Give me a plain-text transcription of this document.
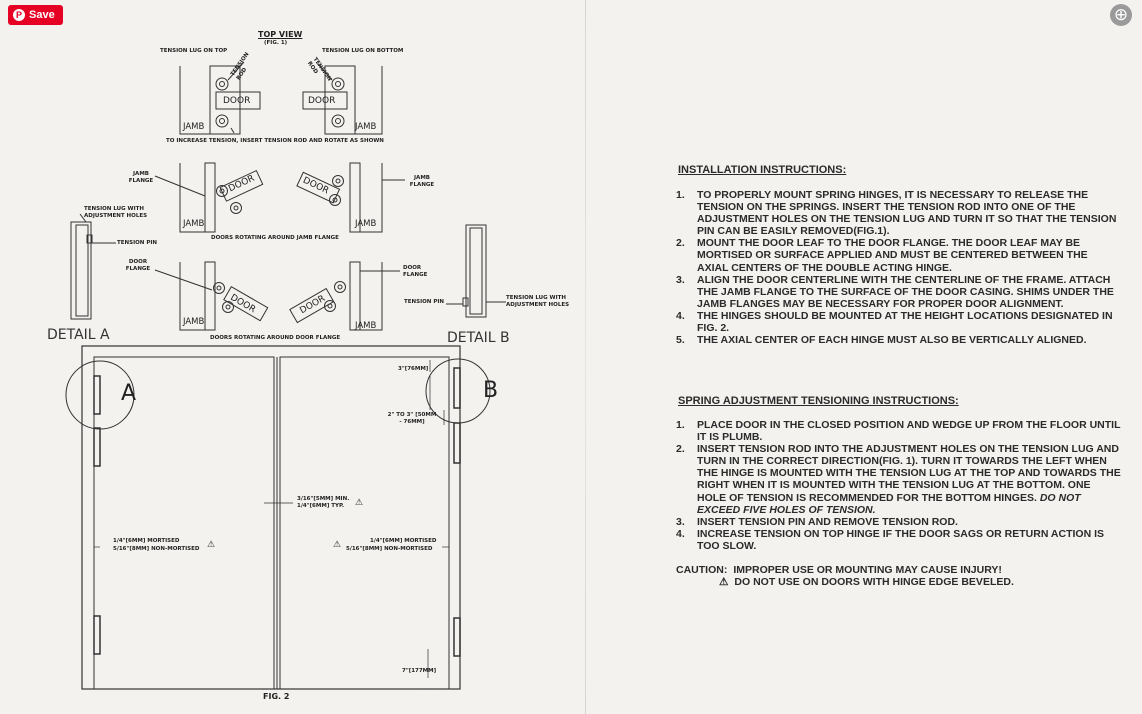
P Save	⊕
TOP VIEW
(FIG. 1)
TENSION LUG ON TOP	TENSION LUG ON BOTTOM
TENSION ROD	TENSION ROD
DOOR	DOOR
JAMB	JAMB
TO INCREASE TENSION, INSERT TENSION ROD AND ROTATE AS SHOWN
JAMB FLANGE	JAMB FLANGE
DOOR	DOOR
JAMB	JAMB
DOORS ROTATING AROUND JAMB FLANGE
TENSION LUG WITH ADJUSTMENT HOLES
TENSION PIN
DOOR FLANGE	DOOR FLANGE
DOOR	DOOR
JAMB	JAMB
DOORS ROTATING AROUND DOOR FLANGE
TENSION PIN
TENSION LUG WITH ADJUSTMENT HOLES
DETAIL A	DETAIL B
A	B
3"[76MM]
2" TO 3" [50MM - 76MM]
3/16"[5MM] MIN. 1/4"[6MM] TYP.	⚠
1/4"[6MM] MORTISED
5/16"[8MM] NON-MORTISED ⚠	1/4"[6MM] MORTISED
5/16"[8MM] NON-MORTISED
⚠
7"[177MM]
FIG. 2
INSTALLATION INSTRUCTIONS:
1.	TO PROPERLY MOUNT SPRING HINGES, IT IS NECESSARY TO RELEASE THE TENSION ON THE SPRINGS. INSERT THE TENSION ROD INTO ONE OF THE ADJUSTMENT HOLES ON THE TENSION LUG AND TURN IT SO THAT THE TENSION PIN CAN BE EASILY REMOVED(FIG.1).
2.	MOUNT THE DOOR LEAF TO THE DOOR FLANGE. THE DOOR LEAF MAY BE MORTISED OR SURFACE APPLIED AND MUST BE CENTERED BETWEEN THE AXIAL CENTERS OF THE DOUBLE ACTING HINGE.
3.	ALIGN THE DOOR CENTERLINE WITH THE CENTERLINE OF THE FRAME. ATTACH THE JAMB FLANGE TO THE SURFACE OF THE DOOR CASING. SHIMS UNDER THE JAMB FLANGES MAY BE NECESSARY FOR PROPER DOOR ALIGNMENT.
4.	THE HINGES SHOULD BE MOUNTED AT THE HEIGHT LOCATIONS DESIGNATED IN FIG. 2.
5.	THE AXIAL CENTER OF EACH HINGE MUST ALSO BE VERTICALLY ALIGNED.
SPRING ADJUSTMENT TENSIONING INSTRUCTIONS:
1.	PLACE DOOR IN THE CLOSED POSITION AND WEDGE UP FROM THE FLOOR UNTIL IT IS PLUMB.
2.	INSERT TENSION ROD INTO THE ADJUSTMENT HOLES ON THE TENSION LUG AND TURN IN THE CORRECT DIRECTION(FIG. 1). TURN IT TOWARDS THE LEFT WHEN THE HINGE IS MOUNTED WITH THE TENSION LUG AT THE TOP AND TOWARDS THE RIGHT WHEN IT IS MOUNTED WITH THE TENSION LUG AT THE BOTTOM. ONE HOLE OF TENSION IS RECOMMENDED FOR THE BOTTOM HINGES. DO NOT EXCEED FIVE HOLES OF TENSION.
3.	INSERT TENSION PIN AND REMOVE TENSION ROD.
4.	INCREASE TENSION ON TOP HINGE IF THE DOOR SAGS OR RETURN ACTION IS TOO SLOW.
CAUTION: IMPROPER USE OR MOUNTING MAY CAUSE INJURY!
⚠ DO NOT USE ON DOORS WITH HINGE EDGE BEVELED.
